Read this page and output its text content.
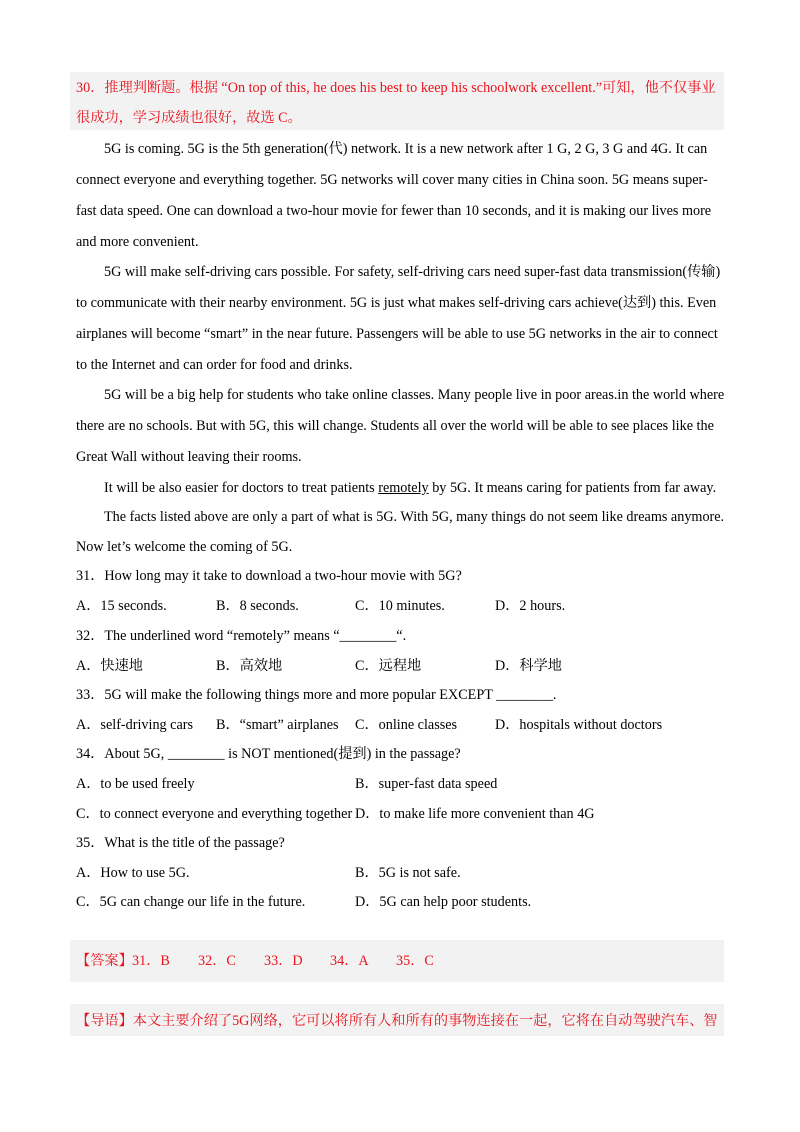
30．推理判断题。根据 “On top of this, he does his best to keep his schoolwork excellent.”可知，他不仅事业
很成功，学习成绩也很好，故选 C。
5G is coming. 5G is the 5th generation(代) network. It is a new network after 1 G, 2 G, 3 G and 4G. It can
connect everyone and everything together. 5G networks will cover many cities in China soon. 5G means super-
fast data speed. One can download a two-hour movie for fewer than 10 seconds, and it is making our lives more
and more convenient.
5G will make self-driving cars possible. For safety, self-driving cars need super-fast data transmission(传输)
to communicate with their nearby environment. 5G is just what makes self-driving cars achieve(达到) this. Even
airplanes will become “smart” in the near future. Passengers will be able to use 5G networks in the air to connect
to the Internet and can order for food and drinks.
5G will be a big help for students who take online classes. Many people live in poor areas.in the world where
there are no schools. But with 5G, this will change. Students all over the world will be able to see places like the
Great Wall without leaving their rooms.
It will be also easier for doctors to treat patients remotely by 5G. It means caring for patients from far away.
The facts listed above are only a part of what is 5G. With 5G, many things do not seem like dreams anymore.
Now let’s welcome the coming of 5G.
31．How long may it take to download a two-hour movie with 5G?
A．15 seconds.	B．8 seconds.	C．10 minutes.	D．2 hours.
32．The underlined word “remotely” means “________“.
A．快速地	B．高效地	C．远程地	D．科学地
33．5G will make the following things more and more popular EXCEPT ________.
A．self-driving cars B．“smart” airplanes C．online classes	D．hospitals without doctors
34．About 5G, ________ is NOT mentioned(提到) in the passage?
A．to be used freely	B．super-fast data speed
C．to connect everyone and everything together D．to make life more convenient than 4G
35．What is the title of the passage?
A．How to use 5G.	B．5G is not safe.
C．5G can change our life in the future.	D．5G can help poor students.
【答案】 31．B 32．C 33．D 34．A 35．C
【导语】本文主要介绍了5G网络，它可以将所有人和所有的事物连接在一起，它将在自动驾驶汽车、智
